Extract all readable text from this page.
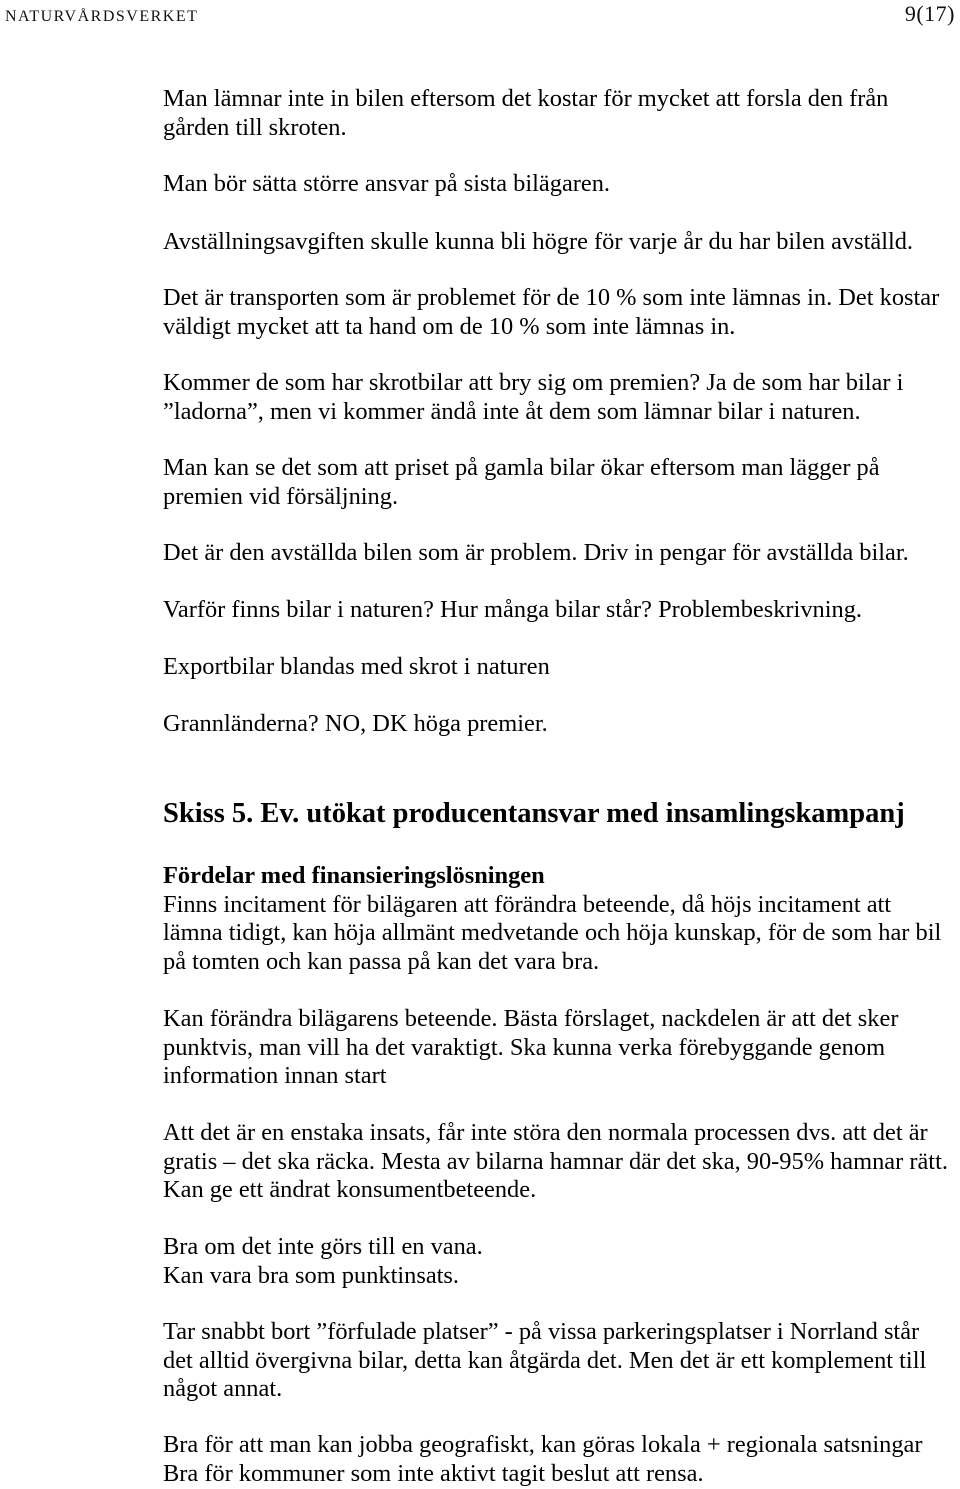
NATURVÅRDSVERKET	9(17)
Man lämnar inte in bilen eftersom det kostar för mycket att forsla den från
gården till skroten.
Man bör sätta större ansvar på sista bilägaren.
Avställningsavgiften skulle kunna bli högre för varje år du har bilen avställd.
Det är transporten som är problemet för de 10 % som inte lämnas in. Det kostar
väldigt mycket att ta hand om de 10 % som inte lämnas in.
Kommer de som har skrotbilar att bry sig om premien? Ja de som har bilar i
”ladorna”, men vi kommer ändå inte åt dem som lämnar bilar i naturen.
Man kan se det som att priset på gamla bilar ökar eftersom man lägger på
premien vid försäljning.
Det är den avställda bilen som är problem. Driv in pengar för avställda bilar.
Varför finns bilar i naturen? Hur många bilar står? Problembeskrivning.
Exportbilar blandas med skrot i naturen
Grannländerna? NO, DK höga premier.
Skiss 5. Ev. utökat producentansvar med insamlingskampanj
Fördelar med finansieringslösningen
Finns incitament för bilägaren att förändra beteende, då höjs incitament att
lämna tidigt, kan höja allmänt medvetande och höja kunskap, för de som har bil
på tomten och kan passa på kan det vara bra.
Kan förändra bilägarens beteende. Bästa förslaget, nackdelen är att det sker
punktvis, man vill ha det varaktigt. Ska kunna verka förebyggande genom
information innan start
Att det är en enstaka insats, får inte störa den normala processen dvs. att det är
gratis – det ska räcka. Mesta av bilarna hamnar där det ska, 90-95% hamnar rätt.
Kan ge ett ändrat konsumentbeteende.
Bra om det inte görs till en vana.
Kan vara bra som punktinsats.
Tar snabbt bort ”förfulade platser” - på vissa parkeringsplatser i Norrland står
det alltid övergivna bilar, detta kan åtgärda det. Men det är ett komplement till
något annat.
Bra för att man kan jobba geografiskt, kan göras lokala + regionala satsningar
Bra för kommuner som inte aktivt tagit beslut att rensa.
